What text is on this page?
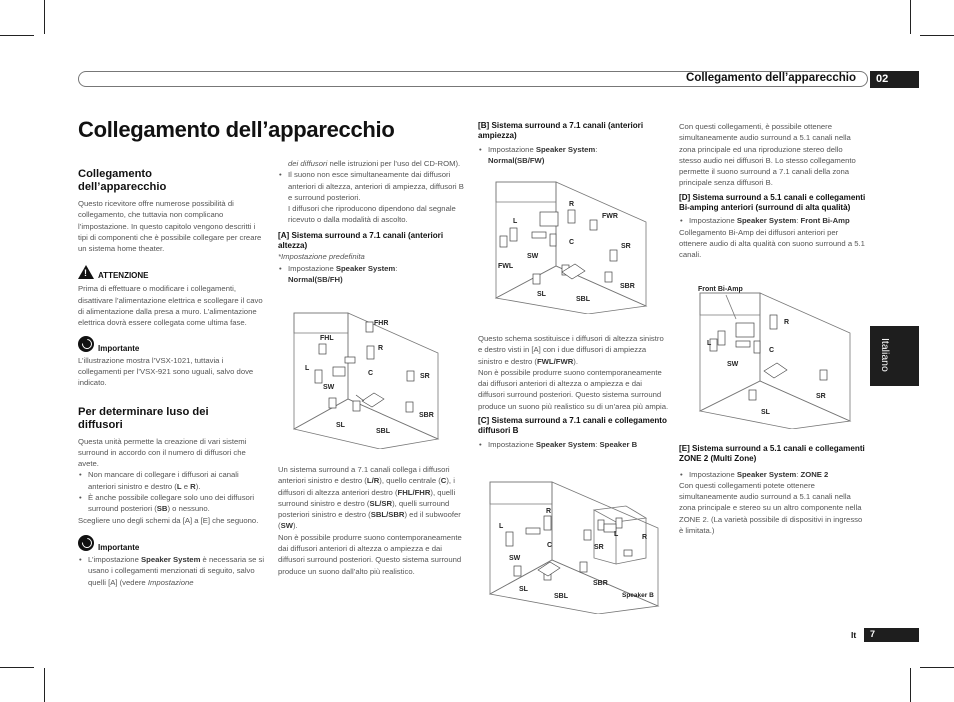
Collegamento dell’apparecchio	02
Collegamento dell’apparecchio

Collegamento dell’apparecchio

Questo ricevitore offre numerose possibilità di collegamento, che tuttavia non complicano l’impostazione. In questo capitolo vengono descritti i tipi di componenti che è possibile collegare per creare un sistema home theater.

! ATTENZIONE

Prima di effettuare o modificare i collegamenti, disattivare l’alimentazione elettrica e scollegare il cavo di alimentazione dalla presa a muro. L’alimentazione elettrica dovrà essere collegata come ultima fase.

Importante

L’illustrazione mostra l’VSX-1021, tuttavia i collegamenti per l’VSX-921 sono uguali, salvo dove indicato.

Per determinare luso dei diffusori

Questa unità permette la creazione di vari sistemi surround in accordo con il numero di diffusori che avete.

• Non mancare di collegare i diffusori ai canali anteriori sinistro e destro (L e R).

• È anche possibile collegare solo uno dei diffusori surround posteriori (SB) o nessuno.

Scegliere uno degli schemi da [A] a [E] che seguono.

Importante

• L’impostazione Speaker System è necessaria se si usano i collegamenti menzionati di seguito, salvo quelli [A] (vedere Impostazione

dei diffusori nelle istruzioni per l’uso del CD-ROM).

• Il suono non esce simultaneamente dai diffusori anteriori di altezza, anteriori di ampiezza, diffusori B e surround posteriori.

I diffusori che riproducono dipendono dal segnale ricevuto o dalla modalità di ascolto.

[A] Sistema surround a 7.1 canali (anteriori altezza)

*Impostazione predefinita

• Impostazione Speaker System:

Normal(SB/FH)

Un sistema surround a 7.1 canali collega i diffusori anteriori sinistro e destro (L/R), quello centrale (C), i diffusori di altezza anteriori destro (FHL/FHR), quelli surround sinistro e destro (SL/SR), quelli surround posteriori sinistro e destro (SBL/SBR) ed il subwoofer (SW).

Non è possibile produrre suono contemporaneamente dai diffusori anteriori di altezza o ampiezza e dai diffusori surround posteriori. Questo sistema surround produce un suono dall’alto più realistico.

[B] Sistema surround a 7.1 canali (anteriori ampiezza)

• Impostazione Speaker System:

Normal(SB/FW)

Questo schema sostituisce i diffusori di altezza sinistro e destro visti in [A] con i due diffusori di ampiezza sinistro e destro (FWL/FWR).

Non è possibile produrre suono contemporaneamente dai diffusori anteriori di altezza o ampiezza e dai diffusori surround posteriori. Questo sistema surround produce un suono più realistico su di un’area più ampia.

[C] Sistema surround a 7.1 canali e collegamento diffusori B

• Impostazione Speaker System: Speaker B

Con questi collegamenti, è possibile ottenere simultaneamente audio surround a 5.1 canali nella zona principale ed una riproduzione stereo dello stesso audio nei diffusori B. Lo stesso collegamento permette il suono surround a 7.1 canali della zona principale senza diffusori B.

[D] Sistema surround a 5.1 canali e collegamenti Bi-amping anteriori (surround di alta qualità)

• Impostazione Speaker System: Front Bi-Amp

Collegamento Bi-Amp dei diffusori anteriori per ottenere audio di alta qualità con suono surround a 5.1 canali.

[E] Sistema surround a 5.1 canali e collegamenti ZONE 2 (Multi Zone)

• Impostazione Speaker System: ZONE 2

Con questi collegamenti potete ottenere simultaneamente audio surround a 5.1 canali nella zona principale e stereo su un altro componente nella ZONE 2. (La varietà possibile di dispositivi in ingresso è limitata.)

FHL
FHR
L
R
C
SW
SR
SL
SBL
SBR
R
FWR
L
C
SR
FWL
SW
SL
SBL
SBR
L
R
C	SR
R
L
SW
SL
SBL
SBR
Speaker B
Front Bi-Amp
L
R
C
SW
SR
SL
Italiano
It	7
